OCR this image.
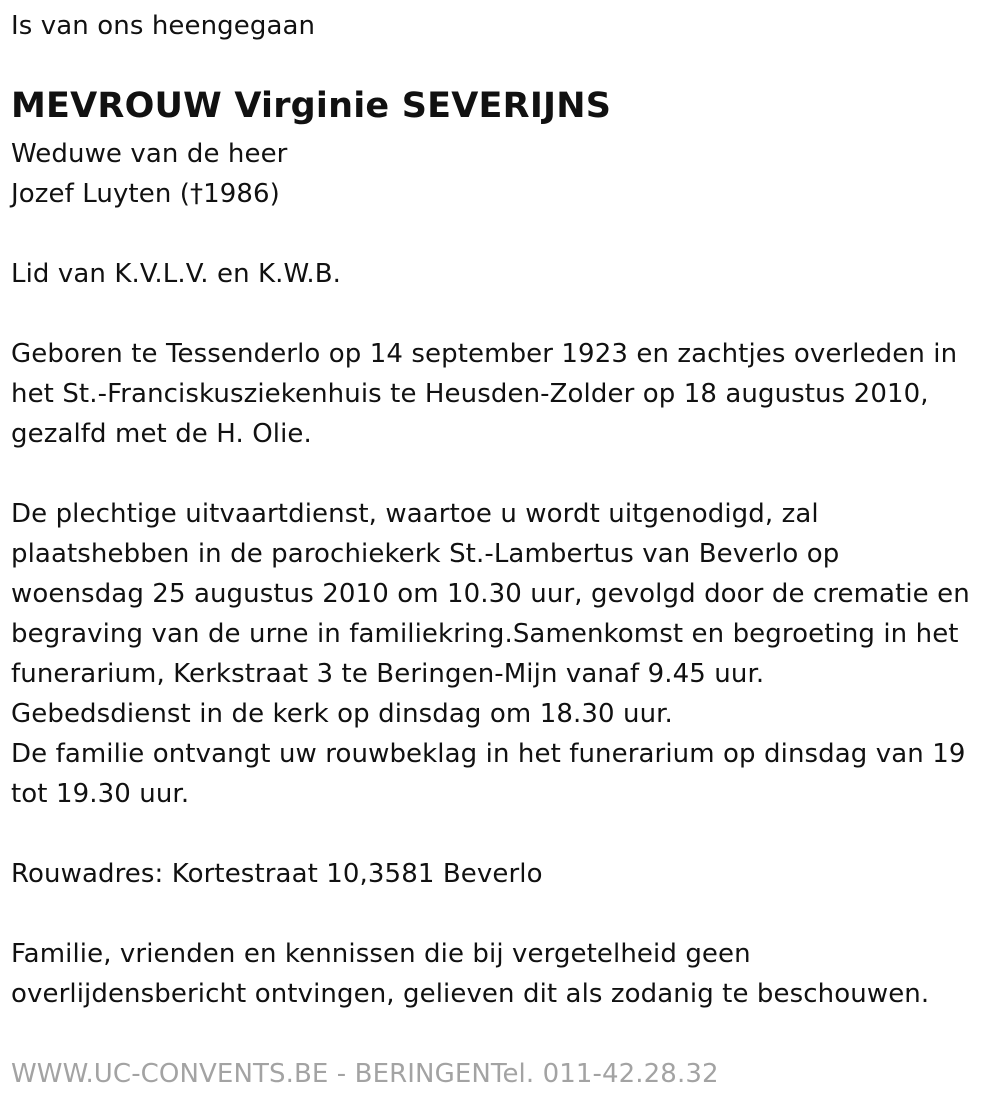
Is van ons heengegaan
MEVROUW Virginie SEVERIJNS
Weduwe van de heer
Jozef Luyten (†1986)
Lid van K.V.L.V. en K.W.B.
Geboren te Tessenderlo op 14 september 1923 en zachtjes overleden in
het St.-Franciskusziekenhuis te Heusden-Zolder op 18 augustus 2010,
gezalfd met de H. Olie.
De plechtige uitvaartdienst, waartoe u wordt uitgenodigd, zal
plaatshebben in de parochiekerk St.-Lambertus van Beverlo op
woensdag 25 augustus 2010 om 10.30 uur, gevolgd door de crematie en
begraving van de urne in familiekring.Samenkomst en begroeting in het
funerarium, Kerkstraat 3 te Beringen-Mijn vanaf 9.45 uur.
Gebedsdienst in de kerk op dinsdag om 18.30 uur.
De familie ontvangt uw rouwbeklag in het funerarium op dinsdag van 19
tot 19.30 uur.
Rouwadres: Kortestraat 10,3581 Beverlo
Familie, vrienden en kennissen die bij vergetelheid geen
overlijdensbericht ontvingen, gelieven dit als zodanig te beschouwen.
WWW.UC-CONVENTS.BE - BERINGENTel. 011-42.28.32
